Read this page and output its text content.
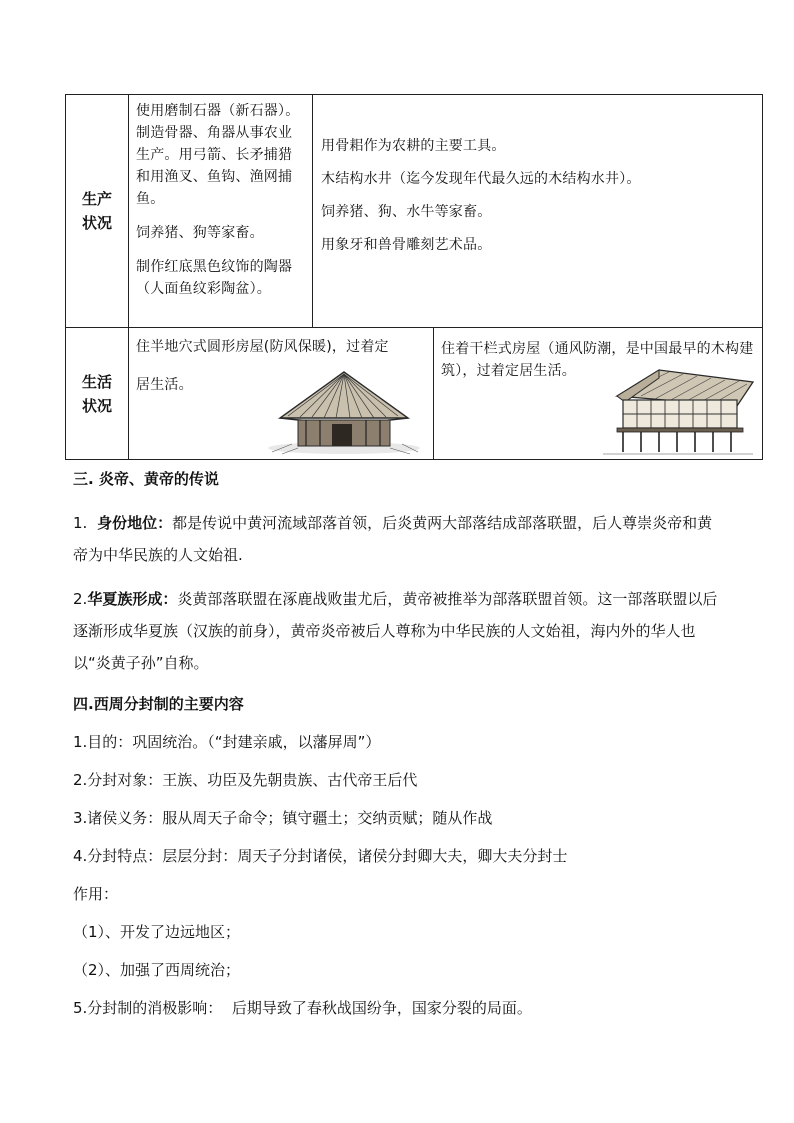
生产
状况

使用磨制石器（新石器）。制造骨器、角器从事农业生产。用弓箭、长矛捕猎和用渔叉、鱼钩、渔网捕鱼。

饲养猪、狗等家畜。

制作红底黑色纹饰的陶器（人面鱼纹彩陶盆）。

用骨耜作为农耕的主要工具。

木结构水井（迄今发现年代最久远的木结构水井）。

饲养猪、狗、水牛等家畜。

用象牙和兽骨雕刻艺术品。

生活
状况

住半地穴式圆形房屋(防风保暖)，过着定

居生活。

住着干栏式房屋（通风防潮，是中国最早的木构建筑），过着定居生活。

三. 炎帝、黄帝的传说
1. 身份地位：都是传说中黄河流域部落首领，后炎黄两大部落结成部落联盟，后人尊崇炎帝和黄帝为中华民族的人文始祖.
2.华夏族形成：炎黄部落联盟在涿鹿战败蚩尤后，黄帝被推举为部落联盟首领。这一部落联盟以后逐渐形成华夏族（汉族的前身），黄帝炎帝被后人尊称为中华民族的人文始祖，海内外的华人也以“炎黄子孙”自称。
四.西周分封制的主要内容
1.目的：巩固统治。（“封建亲戚，以藩屏周”）
2.分封对象：王族、功臣及先朝贵族、古代帝王后代
3.诸侯义务：服从周天子命令；镇守疆土；交纳贡赋；随从作战
4.分封特点：层层分封：周天子分封诸侯，诸侯分封卿大夫，卿大夫分封士
作用：
（1）、开发了边远地区；
（2）、加强了西周统治；
5.分封制的消极影响：  后期导致了春秋战国纷争，国家分裂的局面。
